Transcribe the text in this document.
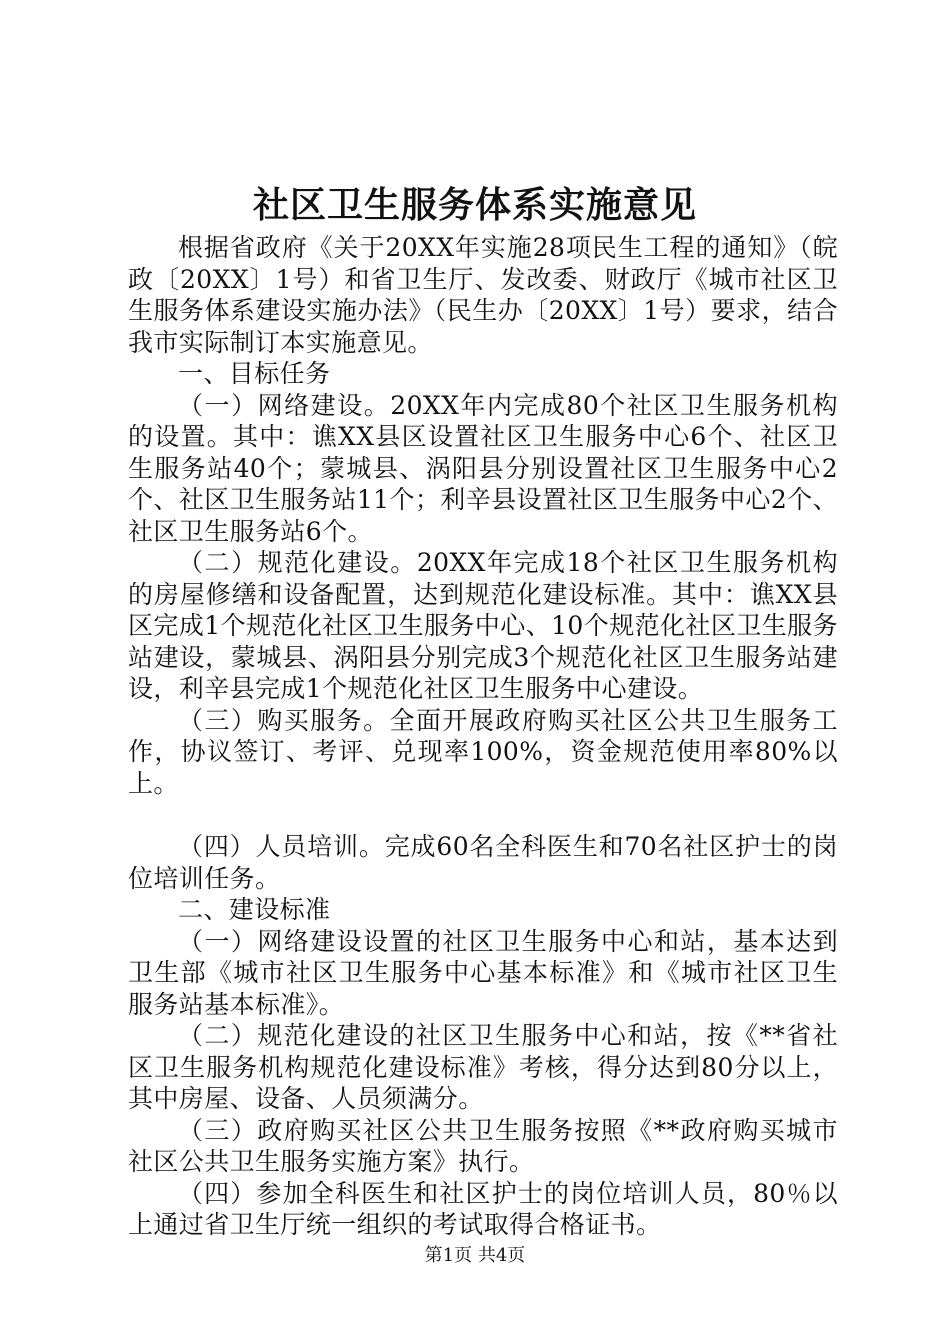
社区卫生服务体系实施意见

根据省政府《关于20XX年实施28项民生工程的通知》（皖政〔20XX〕1号）和省卫生厅、发改委、财政厅《城市社区卫生服务体系建设实施办法》（民生办〔20XX〕1号）要求，结合我市实际制订本实施意见。

一、目标任务

（一）网络建设。20XX年内完成80个社区卫生服务机构的设置。其中：谯XX县区设置社区卫生服务中心6个、社区卫生服务站40个；蒙城县、涡阳县分别设置社区卫生服务中心2个、社区卫生服务站11个；利辛县设置社区卫生服务中心2个、社区卫生服务站6个。

（二）规范化建设。20XX年完成18个社区卫生服务机构的房屋修缮和设备配置，达到规范化建设标准。其中：谯XX县区完成1个规范化社区卫生服务中心、10个规范化社区卫生服务站建设，蒙城县、涡阳县分别完成3个规范化社区卫生服务站建设，利辛县完成1个规范化社区卫生服务中心建设。

（三）购买服务。全面开展政府购买社区公共卫生服务工作，协议签订、考评、兑现率100%，资金规范使用率80%以上。

（四）人员培训。完成60名全科医生和70名社区护士的岗位培训任务。

二、建设标准

（一）网络建设设置的社区卫生服务中心和站，基本达到卫生部《城市社区卫生服务中心基本标准》和《城市社区卫生服务站基本标准》。

（二）规范化建设的社区卫生服务中心和站，按《**省社区卫生服务机构规范化建设标准》考核，得分达到80分以上，其中房屋、设备、人员须满分。

（三）政府购买社区公共卫生服务按照《**政府购买城市社区公共卫生服务实施方案》执行。

（四）参加全科医生和社区护士的岗位培训人员，80％以上通过省卫生厅统一组织的考试取得合格证书。

第1页 共4页
